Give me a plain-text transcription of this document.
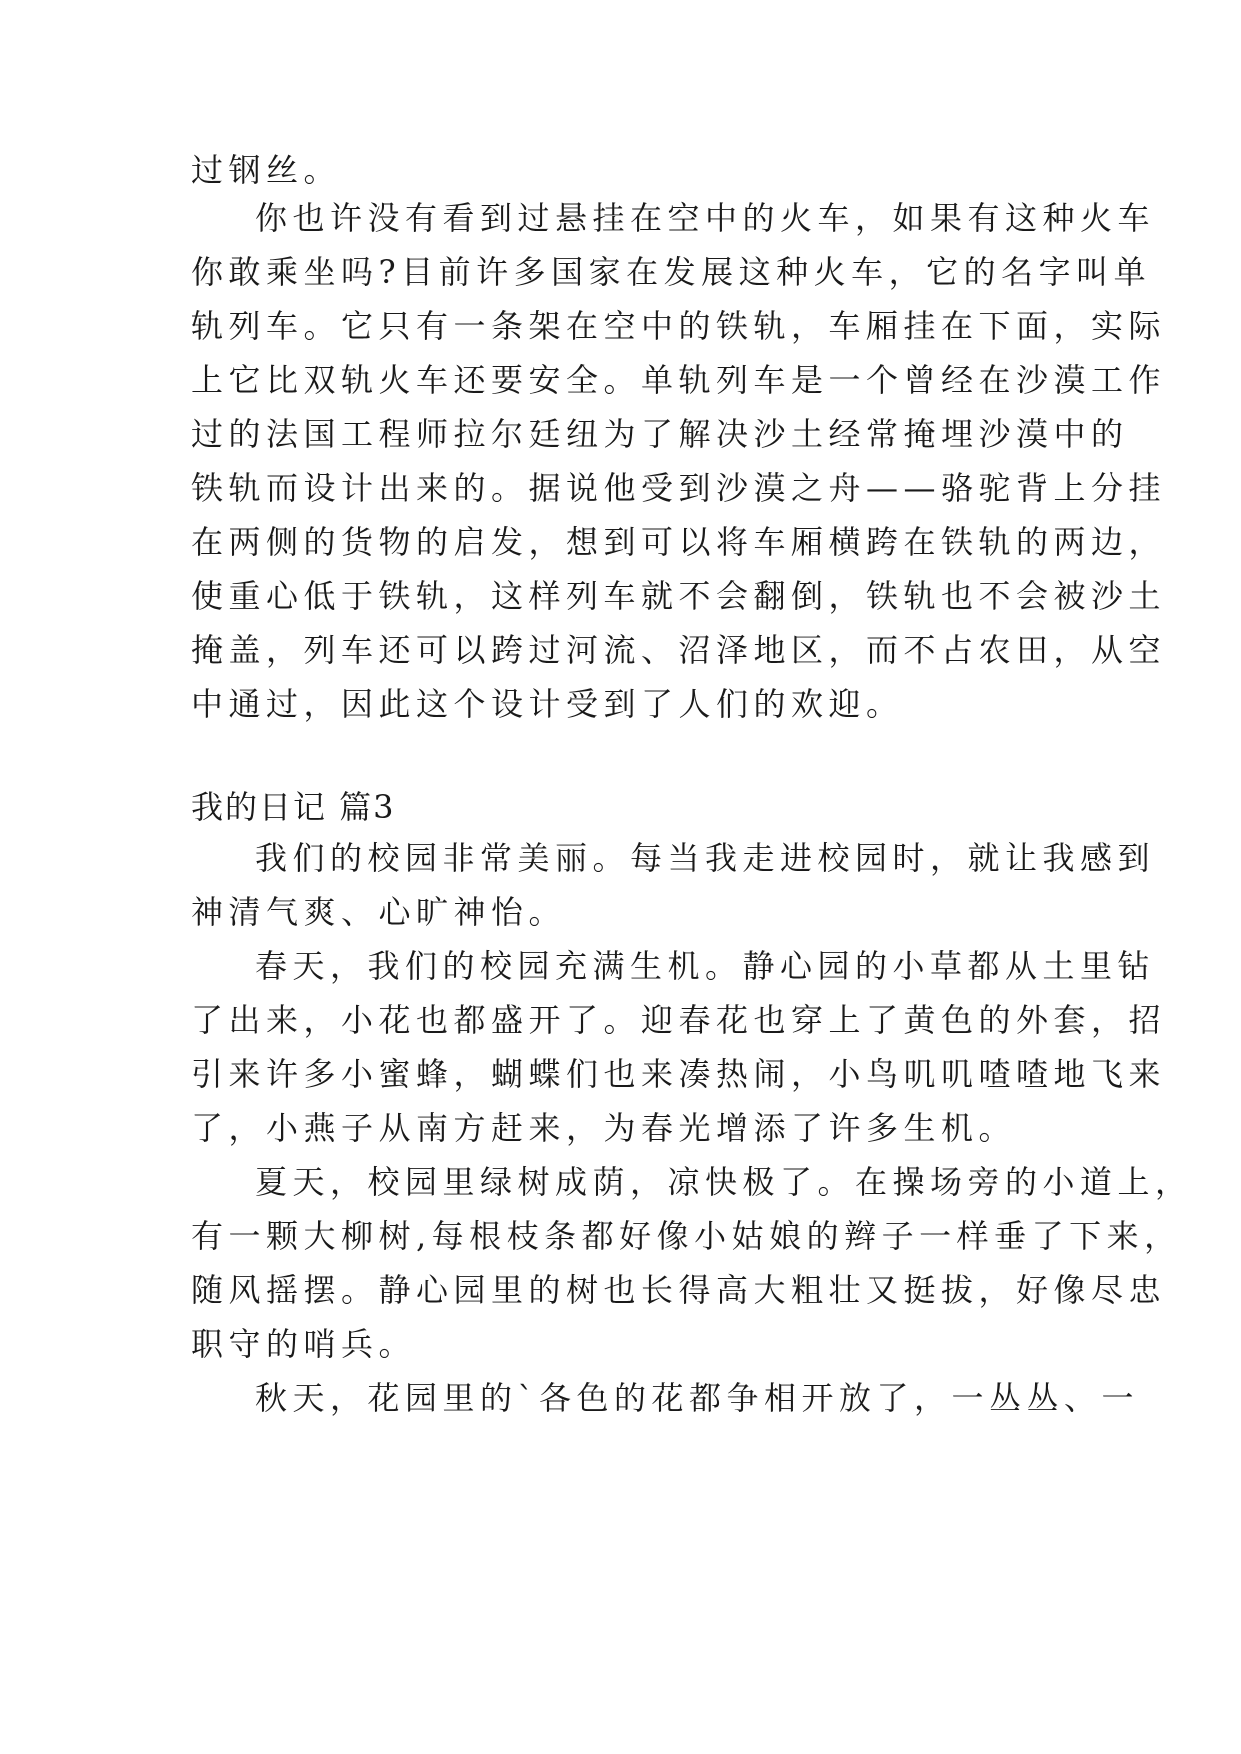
过钢丝。
你也许没有看到过悬挂在空中的火车，如果有这种火车
你敢乘坐吗?目前许多国家在发展这种火车，它的名字叫单
轨列车。它只有一条架在空中的铁轨，车厢挂在下面，实际
上它比双轨火车还要安全。单轨列车是一个曾经在沙漠工作
过的法国工程师拉尔廷纽为了解决沙土经常掩埋沙漠中的
铁轨而设计出来的。据说他受到沙漠之舟——骆驼背上分挂
在两侧的货物的启发，想到可以将车厢横跨在铁轨的两边，
使重心低于铁轨，这样列车就不会翻倒，铁轨也不会被沙土
掩盖，列车还可以跨过河流、沼泽地区，而不占农田，从空
中通过，因此这个设计受到了人们的欢迎。
我的日记 篇3
我们的校园非常美丽。每当我走进校园时，就让我感到
神清气爽、心旷神怡。
春天，我们的校园充满生机。静心园的小草都从土里钻
了出来，小花也都盛开了。迎春花也穿上了黄色的外套，招
引来许多小蜜蜂，蝴蝶们也来凑热闹，小鸟叽叽喳喳地飞来
了，小燕子从南方赶来，为春光增添了许多生机。
夏天，校园里绿树成荫，凉快极了。在操场旁的小道上，
有一颗大柳树,每根枝条都好像小姑娘的辫子一样垂了下来，
随风摇摆。静心园里的树也长得高大粗壮又挺拔，好像尽忠
职守的哨兵。
秋天，花园里的`各色的花都争相开放了，一丛丛、一
